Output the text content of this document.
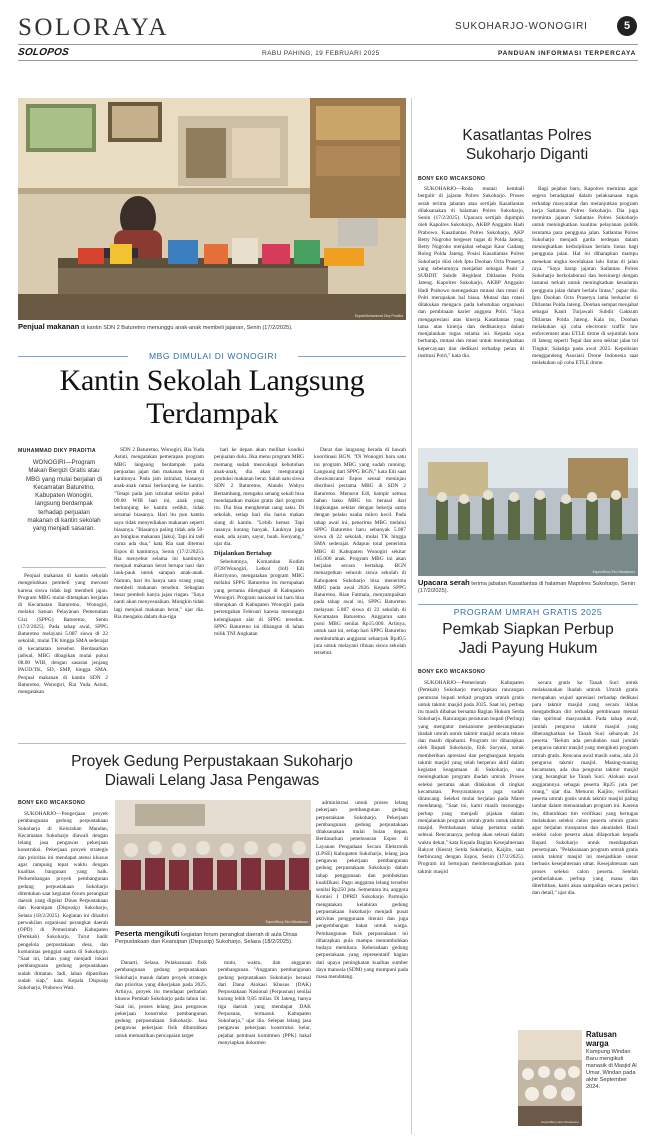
SOLORAYA	SUKOHARJO-WONOGIRI	5
SOLOPOS	RABU PAHING, 19 FEBRUARI 2025	PANDUAN INFORMASI TERPERCAYA
Espos/Muhammad Diky Praditia
Penjual makanan di kantin SDN 2 Baturetno menunggu anak-anak membeli jajanan, Senin (17/2/2025).
MBG DIMULAI DI WONOGIRI
Kantin Sekolah Langsung
Terdampak
MUHAMMAD DIKY PRADITIA
WONOGIRI—Program Makan Bergizi Gratis atau MBG yang mulai berjalan di Kecamatan Baturetno, Kabupaten Wonogiri, langsung berdampak terhadap perjualan makanan di kantin sekolah yang menjadi sasaran.

Penjual makanan di kantin sekolah mengeluhkan pembeli yang merosot karena siswa tidak lagi membeli jajan. Program MBG mulai ditetapkan berjalan di Kecamatan Baturetno, Wonogiri, melalui Satuan Pelayanan Pemenuhan Gizi (SPPG) Baturetno, Senin (17/2/2025). Pada tahap awal, SPPG Baturetno melayani 5.087 siswa di 22 sekolah, mulai TK hingga SMA sederajat di kecamatan tersebut. Berdasarkan jadwal, MBG dibagikan mulai pukul 08.00 WIB, dengan sasaran jenjang PAUD/TK, SD, SMP, hingga SMA. Penjual makanan di kantin SDN 2 Baturetno, Wonogiri, Ria Yuda Astuti, mengatakan

SDN 2 Baturetno, Wonogiri, Ria Yuda Astuti, mengatakan pemerapan program MBG langsung berdampak pada penjualan jajan dan makanan berat di kantinnya. Pada jam istirahat, biasanya anak-anak ramai berkunjung ke kantin. "Tetapi pada jam istirahat sekitar pukul 09.00 WIB hari ini, anak yang berkunjung ke kantin sedikit, tidak seramai biasanya. Hari itu pun kantin saya tidak menyediakan makanan seperti biasanya. "Biasanya paling tidak ada 50-an bungkus makanan [laku]. Tapi ini tadi cuma ada dua," kata Ria saat ditemui Espos di kantinnya, Senin (17/2/2025). Ria menyebut selama ini kantinnya menjual makanan berat berupa nasi dan lauk-pauk untuk sarapan anak-anak. Namun, hari itu hanya satu orang yang membeli makanan tersebut. Sebagian besar pembeli hanya jajan ringan. "Saya nanti akan menyesuaikan. Mungkin tidak lagi menjual makanan berat," ujar dia. Ria mengaku dalam dua-tiga

hari ke depan akan melihat kondisi penjualan dulu. Jika menu program MBG memang sudah mencukupi kebutuhan anak-anak, dia akan mengurangi produksi makanan berat. Salah satu siswa SDN 2 Baturetno, Alando Wahyu Bertambang, mengaku senang sekali bisa mendapatkan makan gratis dari program itu. Dia bisa menghemat uang saku. Di sekolah, setiap hari dia harus makan siang di kantin. "Lebih hemat. Tapi rasanya kurang banyak. Lauknya juga enak, ada ayam, sayur, buah. Kenyang," ujar dia.

Dijalankan Bertahap

Sebelumnya, Komandan Kodim 0728/Wonogiri, Letkol (Inf) Edi Ristriyono, mengatakan program MBG melalui SPPG Baturetno itu merupakan yang pertama dilengkapi di Kabupaten Wonogiri. Program nasional ini baru bisa diterapkan di Kabupaten Wonogiri pada pertengahan Februari karena menunggu kelengkapan alat di SPPG tersebut. SPPG Baturetno ini dibangun di lahan milik TNI Angkatan

Darat dan langsung berada di bawah koordinasi BGN. "Di Wonogiri baru satu ini program MBG yang sudah running. Langsung dari SPPG BGN," kata Edi saat diwawancarai Espos seusai meninjau distribusi pertama MBG di SDN 2 Baturetno. Menurut Edi, hampir semua bahan baku MBG itu berasal dari lingkungan sekitar dengan bekerja sama dengan pelaku usaha mikro kecil. Pada tahap awal ini, penerima MBG melalui SPPG Baturetno baru sebanyak 5.087 siswa di 22 sekolah, mulai TK hingga SMA sederajat. Adapun total penerima MBG di Kabupaten Wonogiri sekitar 165.000 anak. Program MBG ini akan berjalan secara bertahap. BGN menargetkan seluruh siswa sekolah di Kabupaten Sukoharjo bisa menerima MBG pada awal 2026. Kepala SPPG Baturetno, Rian Fatmala, menyampaikan pada tahap awal ini, SPPG Baturetno melayani 5.087 siswa di 22 sekolah di Kecamatan Baturetno. Anggaran satu porsi MBG senilai Rp15.000. Artinya, untuk saat ini, setiap hari SPPG Baturetno membutuhkan anggaran sebanyak Rp40,5 juta untuk melayani ribuan siswa sekolah tersebut.

Kasatlantas Polres
Sukoharjo Diganti
BONY EKO WICAKSONO

SUKOHARJO—Roda mutasi kembali bergulir di jajaran Polres Sukoharjo. Proses serah terima jabatan atau sertijab Kasatlantas dilaksanakan di halaman Polres Sukoharjo, Senin (17/2/2025). Upacara sertijab dipimpin oleh Kapolres Sukoharjo, AKBP Anggaito Hadi Prabowo. Kasatlantas Polres Sukoharjo, AKP Betty Nugroho bergeser tugas di Polda Jateng. Betty Nugroho menjabat sebagai Kaur Gadang Rolog Polda Jateng. Posisi Kasatlantas Polres Sukoharjo diisi oleh Iptu Doohan Octa Prasetya yang sebelumnya menjabat sebagai Panit 2 SUBDIT Subdit Regident Ditlantas Polda Jateng. Kapolres Sukoharjo, AKBP Anggaito Hadi Prabowo menegaskan mutasi dan rotasi di Polri merupakan hal biasa. Mutasi dan rotasi dilakukan mengacu pada kebutuhan organisasi dan pembinaan karier anggota Polri. "Saya mengapresiasi atas kinerja Kasatlantas yang lama atas kinerja dan dedikasinya dalam menjalankan tugas selama ini. Kepada saya berharap, mutasi dan rotasi untuk meningkatkan kepercayaan dan dedikasi terhadap peran di institusi Polri," kata dia.

Bagi pejabat baru, Kapolres meminta agar segera beradaptasi dalam pelaksanaan tugas terhadap masyarakat dan melanjutkan program kerja Satlantas Polres Sukoharjo. Dia juga meminta jajaran Satlantas Polres Sukoharjo untuk meningkatkan kualitas pelayanan publik terutama para pengguna jalan. Satlantas Polres Sukoharjo menjadi garda terdepan dalam meningkatkan kedisiplinan berlalu lintas bagi pengguna jalan. Hal ini diharapkan mampu menekan angka kecelakaan lalu lintas di jalan raya. "Saya harap jajaran Satlantas Polres Sukoharjo berkolaborasi dan bersinergi dengan instansi terkait untuk meningkatkan kesadaran pengguna jalan dalam berlalu lintas," papar dia. Iptu Doohan Octa Prasetya lama berkarier di Ditlantas Polda Jateng. Doohan sempat menjabat sebagai Kanit Turjawali Subdit Gakkum Ditlantas Polda Jateng. Kala itu, Doohan melakukan uji coba electronic traffic law enforcement atau ETLE drone di sejumlah kota di Jateng seperti Tegal dan area sekitar jalan tol Tingkir, Salatiga pada awal 2025. Kepolisian menggandeng Asosiasi Drone Indonesia saat melakukan uji coba ETLE drone.

Espos/Bony Eko Wicaksono
Upacara serah terima jabatan Kasatlantas di halaman Mapolres Sukoharjo, Senin (17/2/2025).
PROGRAM UMRAH GRATIS 2025
Pemkab Siapkan Perbup
Jadi Payung Hukum
BONY EKO WICAKSONO

SUKOHARJO—Pemerintah Kabupaten (Pemkab) Sukoharjo menyiapkan rancangan peraturan bupati terkait program umrah gratis untuk takmir masjid pada 2025. Saat ini, perbup itu masih dibahas bersama Bagian Hukum Setda Sukoharjo. Rancangan peraturan bupati (Perbup) yang mengatur mekanisme pemberangkatan ibadah umrah untuk takmir masjid secara teknis dan masih dipahami. Program ini diharapkan oleh Bupati Sukoharjo, Etik Suryani, untuk memberikan apresiasi dan penghargaan kepada takmir masjid yang telah berperan aktif dalam kegiatan keagamaan di Sukoharjo, una meningkatkan program ibadah umrah. Proses seleksi pertama akan dilakukan di tingkat kecamatan. Persyaratannya juga sudah dirancang. Seleksi mulai berjalan pada Maret mendatang. "Saat ini, kami masih menunggu perbup yang menjadi pijakan dalam menjalankan program umrah gratis untuk takmir masjid. Pembahasan tahap pertama sudah selesai. Rencananya, perbup akan selesai dalam waktu dekat," kata Kepala Bagian Kesejahteraan Rakyat (Kesra) Setda Sukoharjo, Kaijito, saat berbincang dengan Espos, Senin (17/2/2025). Program ini bertujuan memberangkatkan para takmir masjid

secara gratis ke Tanah Suci untuk melaksanakan ibadah umrah. Umrah gratis merupakan wujud apresiasi terhadap dedikasi para takmir masjid yang secara ikhlas mengabdikan diri terhadap pembinaan mental dan spiritual masyarakat. Pada tahap awal, jumlah pengurus takmir masjid yang diberangkatkan ke Tanah Suci sebanyak 24 peserta. "Belum ada perubahan soal jumlah pengurus takmir masjid yang mengikuti program umrah gratis. Rencana awal masih sama, ada 24 pengurus takmir masjid. Masing-masing kecamatan, ada dua pengurus takmir masjid yang berangkat ke Tanah Suci. Alokasi awal anggarannya sebagai peserta Rp25 juta per orang," ujar dia. Menurut Kaijito, verifikasi peserta umrah gratis untuk takmir masjid paling lambat dalam menuntaskan program ini. Karena itu, dibutuhkan tim verifikasi yang bertugas melakukan seleksi calon peserta umrah gratis agar berjalan transparan dan akuntabel. Hasil seleksi calon peserta akan dilaporkan kepada Bupati Sukoharjo untuk mendapatkan persetujuan. "Pelaksanaan program umrah gratis untuk takmir masjid ini menjadikan unsur berbasis kesejahteraan umat. Kesejahteraan saat proses seleksi calon peserta. Setelah pemberlakuan perbup yang mana dan diterbitkan, kami akan sampaikan secara perinci dan detail," ujar dia.

Espos/Bony Eko Wicaksono
Ratusan warga
Kampung Windan Baru mengikuti manasik di Masjid Al Umar, Windan pada akhir September 2024.
Proyek Gedung Perpustakaan Sukoharjo
Diawali Lelang Jasa Pengawas
BONY EKO WICAKSONO

SUKOHARJO—Pengerjaan proyek pembangunan gedung perpustakaan Sukoharjo di Kelurahan Mandan, Kecamatan Sukoharjo diawali dengan lelang jasa pengawas pekerjaan konstruksi. Pekerjaan proyek strategis dan prioritas ini mendapat atensi khusus agar rampung tepat waktu dengan kualitas bangunan yang baik. Perkembangan proyek pembangunan gedung perpustakaan Sukoharjo ditentukan saat kegiatan forum perangkat daerah yang digelar Dinas Perpustakaan dan Kearsipan (Dispusip) Sukoharjo, Selasa (18/2/2025). Kegiatan ini dihadiri perwakilan organisasi perangkat daerah (OPD) di Pemerintah Kabupaten (Pemkab) Sukoharjo. Turut hadir pengelola perpustakaan desa, dan komunitas penggiat sastra di Sukoharjo. "Saat ini, lahan yang menjadi lokasi pembangunan gedung perpustakaan sudah dimatan. Jadi, lahan dipastikan sudah siap," kata Kepala Dispusip Sukoharjo, Prabowo Wati.

Espos/Bony Eko Wicaksono
Peserta mengikuti kegiatan forum perangkat daerah di aula Dinas Perpustakaan dan Kearsipan (Dispusip) Sukoharjo, Selasa (18/2/2025).

Danarti, Selasa. Pelaksanaan fisik pembangunan gedung perpustakaan Sukoharjo masuk dalam proyek strategis dan prioritas yang dikerjakan pada 2025. Artinya, proyek itu mendapat perhatian khusus Pemkab Sukoharjo pada tahun ini. Saat ini, proses lelang jasa pengawas pekerjaan konstruksi pembangunan gedung perpustakaan Sukoharjo. Jasa pengawas pekerjaan fisik dibutuhkan untuk memastikan pencapaian target

mutu, waktu, dan anggaran pembangunan. "Anggaran pembangunan gedung perpustakaan Sukoharjo berasal dari Dana Alokasi Khusus (DAK) Perpustakaan Nasional (Perpusnas) senilai kurang lebih 9,85 miliar. Di Jateng, hanya tiga daerah yang mendapat DAK Perpusnas, termasuk Kabupaten Sukoharjo," ujar dia. Selepas lelang jasa pengawas pekerjaan konstruksi kelar, pejabat pembuat komitmen (PPK) bakal menyiapkan dokumen

administrasi untuk proses lelang pekerjaan pembangunan gedung perpustakaan Sukoharjo. Pekerjaan pembangunan gedung perpustakaan dilaksanakan mulai bulan depan. Berdasarkan penelusuran Espos di Layanan Pengadaan Secara Elektronik (LPSE) Kabupaten Sukoharjo, lelang jasa pengawas pekerjaan pembangunan gedung perpustakaan Sukoharjo dalam tahap penggunaan dan pembuktian kualifikasi. Pagu anggaran lelang tersebut senilai Rp250 juta. Sementara itu, anggota Komisi I DPRD Sukoharjo Parmujio mengatakan kelahiran gedung perpustakaan Sukoharjo menjadi pusat aktivitas penggunaan literasi dan juga pengembangan bakat untuk warga. Pembangunan fisik perpustakaan ini diharapkan pula mampu menumbuhkan budaya membaca. Keberadaan gedung perpustakaan yang representatif bagian dari upaya peningkatan kualitas sumber daya manusia (SDM) yang mumpuni pada masa mendatang.
